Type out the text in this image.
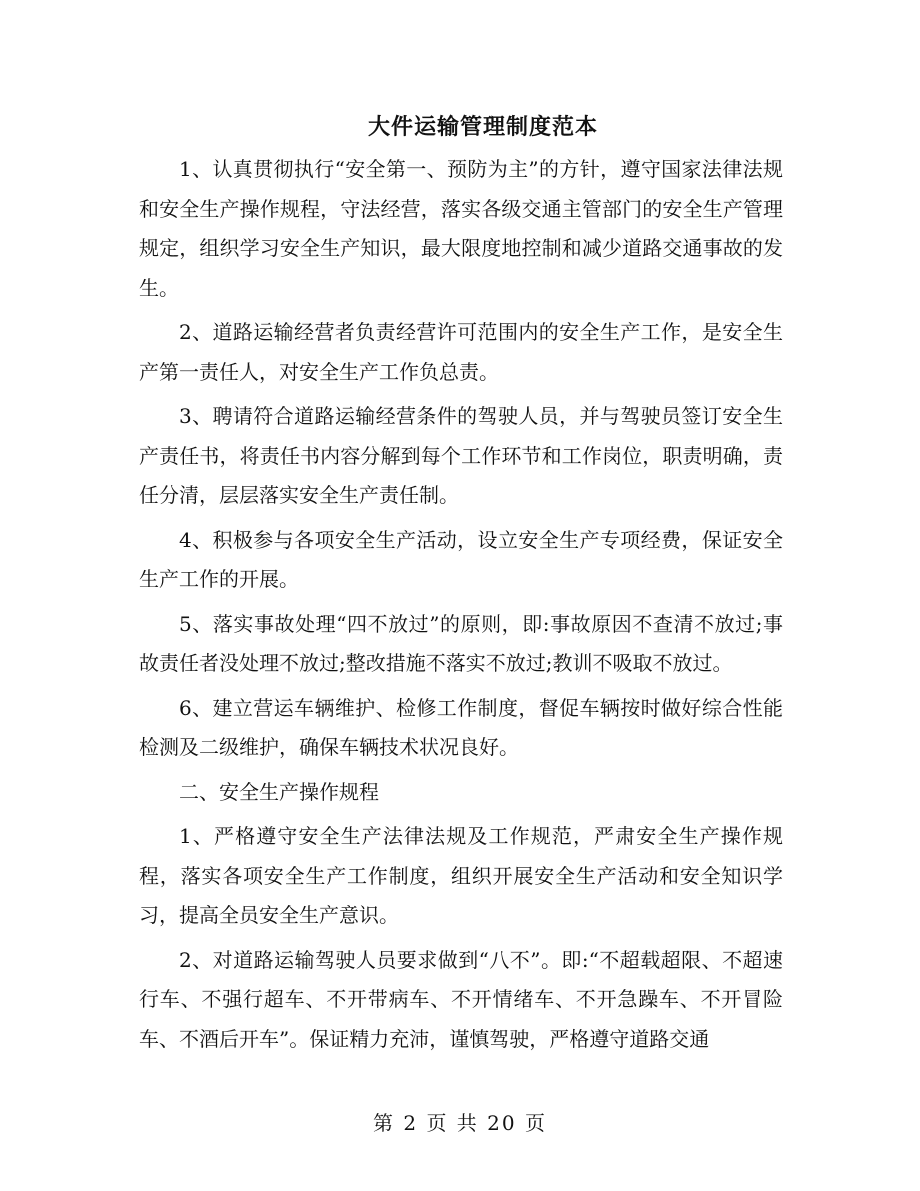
大件运输管理制度范本

1、认真贯彻执行“安全第一、预防为主”的方针，遵守国家法律法规和安全生产操作规程，守法经营，落实各级交通主管部门的安全生产管理规定，组织学习安全生产知识，最大限度地控制和减少道路交通事故的发生。

2、道路运输经营者负责经营许可范围内的安全生产工作，是安全生产第一责任人，对安全生产工作负总责。

3、聘请符合道路运输经营条件的驾驶人员，并与驾驶员签订安全生产责任书，将责任书内容分解到每个工作环节和工作岗位，职责明确，责任分清，层层落实安全生产责任制。

4、积极参与各项安全生产活动，设立安全生产专项经费，保证安全生产工作的开展。

5、落实事故处理“四不放过”的原则，即:事故原因不查清不放过;事故责任者没处理不放过;整改措施不落实不放过;教训不吸取不放过。

6、建立营运车辆维护、检修工作制度，督促车辆按时做好综合性能检测及二级维护，确保车辆技术状况良好。

二、安全生产操作规程

1、严格遵守安全生产法律法规及工作规范，严肃安全生产操作规程，落实各项安全生产工作制度，组织开展安全生产活动和安全知识学习，提高全员安全生产意识。

2、对道路运输驾驶人员要求做到“八不”。即:“不超载超限、不超速行车、不强行超车、不开带病车、不开情绪车、不开急躁车、不开冒险车、不酒后开车”。保证精力充沛，谨慎驾驶，严格遵守道路交通

第 2 页 共 20 页
